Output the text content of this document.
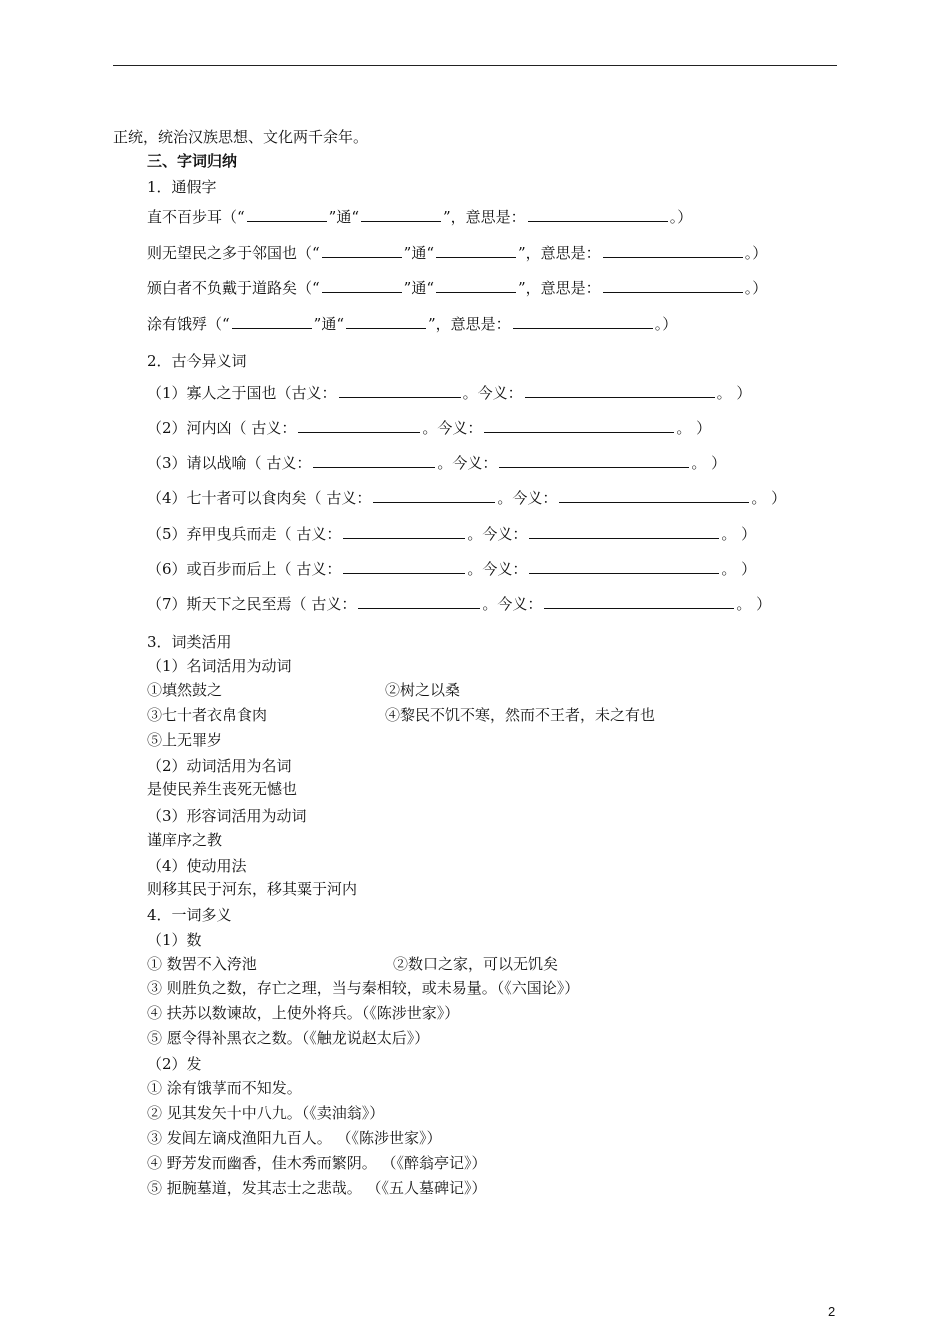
正统，统治汉族思想、文化两千余年。
三、字词归纳
1．通假字
直不百步耳（“	”通“	”，意思是：	。）
则无望民之多于邻国也（“	”通“	”，意思是：	。）
颁白者不负戴于道路矣（“	”通“	”，意思是：	。）
涂有饿殍（“	”通“	”，意思是：	。）
2．古今异义词
（1）寡人之于国也（古义：	。今义：	。 ）
（2）河内凶（ 古义：	。今义：	。 ）
（3）请以战喻（ 古义：	。今义：	。 ）
（4）七十者可以食肉矣（ 古义：	。今义：	。 ）
（5）弃甲曳兵而走（ 古义：	。今义：	。 ）
（6）或百步而后上（ 古义：	。今义：	。 ）
（7）斯天下之民至焉（ 古义：	。今义：	。 ）
3．词类活用
（1）名词活用为动词
①填然鼓之	②树之以桑
③七十者衣帛食肉	④黎民不饥不寒，然而不王者，未之有也
⑤上无罪岁
（2）动词活用为名词
是使民养生丧死无憾也
（3）形容词活用为动词
谨庠序之教
（4）使动用法
则移其民于河东，移其粟于河内
4．一词多义
（1）数
① 数罟不入洿池	②数口之家，可以无饥矣
③ 则胜负之数，存亡之理，当与秦相较，或未易量。（《六国论》）
④ 扶苏以数谏故，上使外将兵。（《陈涉世家》）
⑤ 愿令得补黑衣之数。（《触龙说赵太后》）
（2）发
① 涂有饿莩而不知发。
② 见其发矢十中八九。（《卖油翁》）
③ 发闾左谪戍渔阳九百人。 （《陈涉世家》）
④ 野芳发而幽香，佳木秀而繁阴。 （《醉翁亭记》）
⑤ 扼腕墓道，发其志士之悲哉。 （《五人墓碑记》）
2
